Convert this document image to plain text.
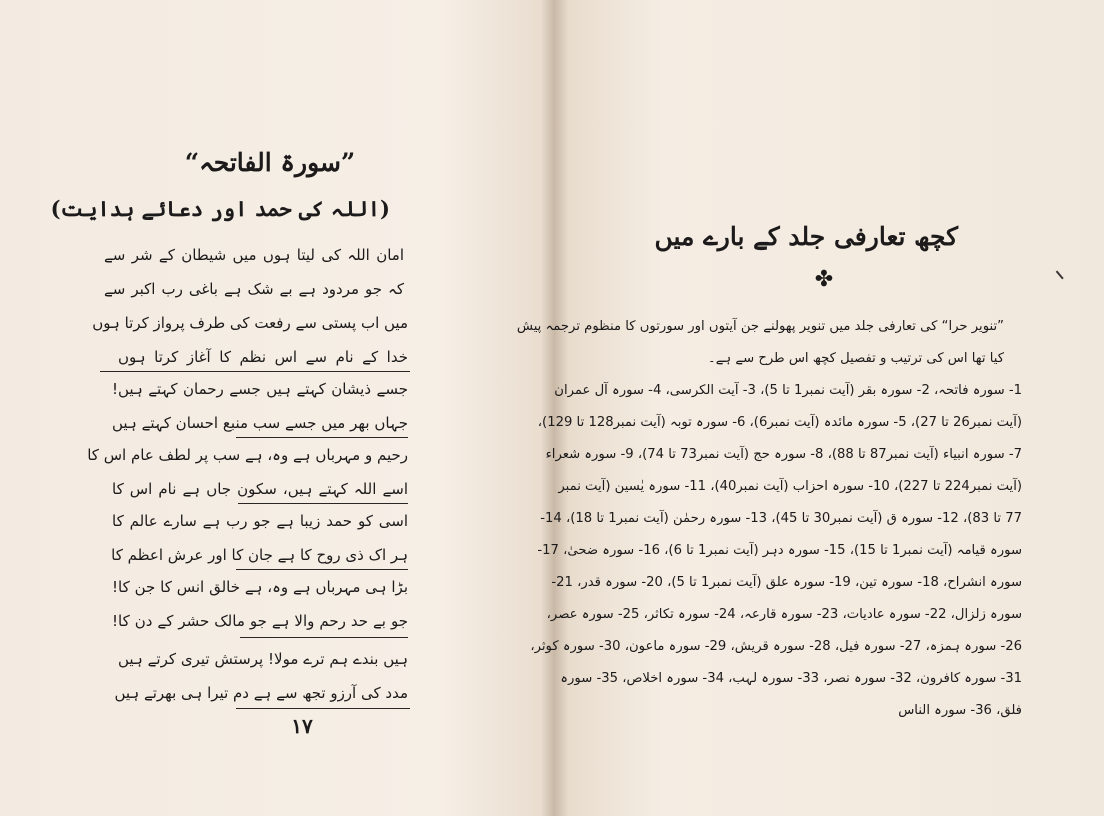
”سورۃ الفاتحہ“
(اللہ کی حمد اور دعائے ہدایت)
امان اللہ کی لیتا ہوں میں شیطان کے شر سے
کہ جو مردود ہے بے شک ہے باغی رب اکبر سے
میں اب پستی سے رفعت کی طرف پرواز کرتا ہوں
خدا کے نام سے اس نظم کا آغاز کرتا ہوں
جسے ذیشان کہتے ہیں جسے رحمان کہتے ہیں!
جہاں بھر میں جسے سب منبع احسان کہتے ہیں
رحیم و مہرباں ہے وہ، ہے سب پر لطف عام اس کا
اسے اللہ کہتے ہیں، سکون جاں ہے نام اس کا
اسی کو حمد زیبا ہے جو رب ہے سارے عالم کا
ہر اک ذی روح کا ہے جان کا اور عرش اعظم کا
بڑا ہی مہرباں ہے وہ، ہے خالق انس کا جن کا!
جو بے حد رحم والا ہے جو مالک حشر کے دن کا!
ہیں بندے ہم ترے مولا! پرستش تیری کرتے ہیں
مدد کی آرزو تجھ سے ہے دم تیرا ہی بھرتے ہیں
۱۷
کچھ تعارفی جلد کے بارے میں
✤
”تنویر حرا“ کی تعارفی جلد میں تنویر پھولنے جن آیتوں اور سورتوں کا منظوم ترجمہ پیش
کیا تھا اس کی ترتیب و تفصیل کچھ اس طرح سے ہے۔
1- سورہ فاتحہ، 2- سورہ بقر (آیت نمبر1 تا 5)، 3- آیت الکرسی، 4- سورہ آل عمران
(آیت نمبر26 تا 27)، 5- سورہ مائدہ (آیت نمبر6)، 6- سورہ توبہ (آیت نمبر128 تا 129)،
7- سورہ انبیاء (آیت نمبر87 تا 88)، 8- سورہ حج (آیت نمبر73 تا 74)، 9- سورہ شعراء
(آیت نمبر224 تا 227)، 10- سورہ احزاب (آیت نمبر40)، 11- سورہ یٰسین (آیت نمبر
77 تا 83)، 12- سورہ ق (آیت نمبر30 تا 45)، 13- سورہ رحمٰن (آیت نمبر1 تا 18)، 14-
سورہ قیامہ (آیت نمبر1 تا 15)، 15- سورہ دہر (آیت نمبر1 تا 6)، 16- سورہ ضحیٰ، 17-
سورہ انشراح، 18- سورہ تین، 19- سورہ علق (آیت نمبر1 تا 5)، 20- سورہ قدر، 21-
سورہ زلزال، 22- سورہ عادیات، 23- سورہ قارعہ، 24- سورہ تکاثر، 25- سورہ عصر،
26- سورہ ہمزہ، 27- سورہ فیل، 28- سورہ قریش، 29- سورہ ماعون، 30- سورہ کوثر،
31- سورہ کافرون، 32- سورہ نصر، 33- سورہ لہب، 34- سورہ اخلاص، 35- سورہ
فلق، 36- سورہ الناس
